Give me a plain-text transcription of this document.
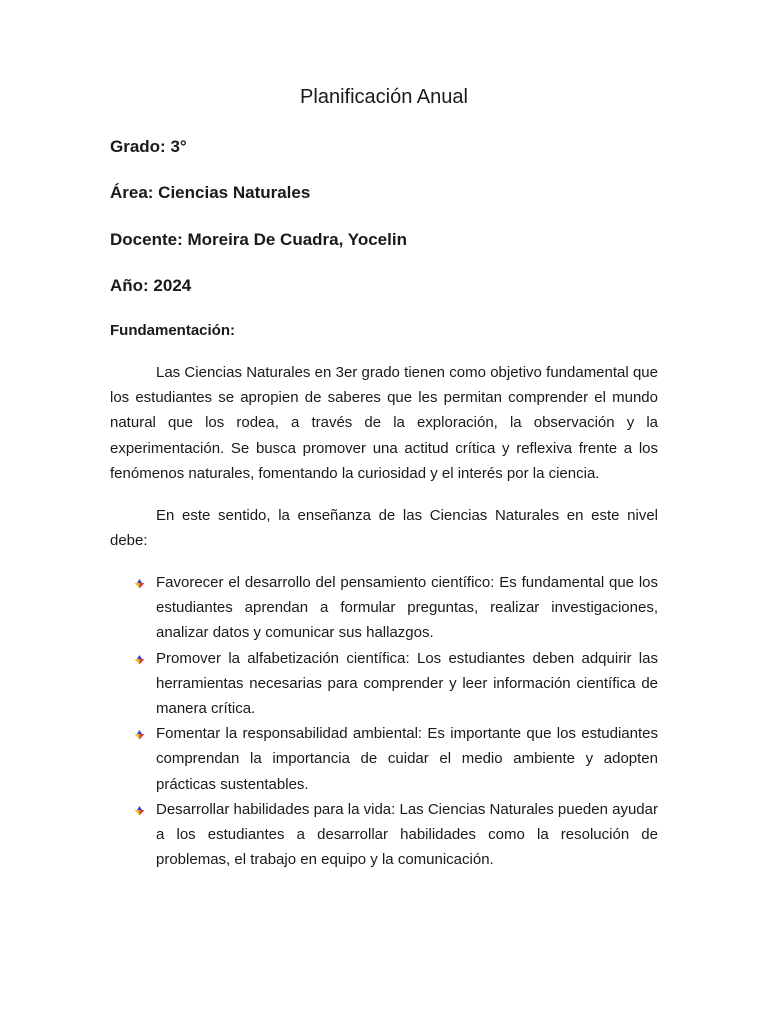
Planificación Anual

Grado: 3°

Área: Ciencias Naturales

Docente: Moreira De Cuadra, Yocelin

Año: 2024

Fundamentación:

Las Ciencias Naturales en 3er grado tienen como objetivo fundamental que los estudiantes se apropien de saberes que les permitan comprender el mundo natural que los rodea, a través de la exploración, la observación y la experimentación. Se busca promover una actitud crítica y reflexiva frente a los fenómenos naturales, fomentando la curiosidad y el interés por la ciencia.

En este sentido, la enseñanza de las Ciencias Naturales en este nivel debe:

Favorecer el desarrollo del pensamiento científico: Es fundamental que los estudiantes aprendan a formular preguntas, realizar investigaciones, analizar datos y comunicar sus hallazgos.
Promover la alfabetización científica: Los estudiantes deben adquirir las herramientas necesarias para comprender y leer información científica de manera crítica.
Fomentar la responsabilidad ambiental: Es importante que los estudiantes comprendan la importancia de cuidar el medio ambiente y adopten prácticas sustentables.
Desarrollar habilidades para la vida: Las Ciencias Naturales pueden ayudar a los estudiantes a desarrollar habilidades como la resolución de problemas, el trabajo en equipo y la comunicación.
